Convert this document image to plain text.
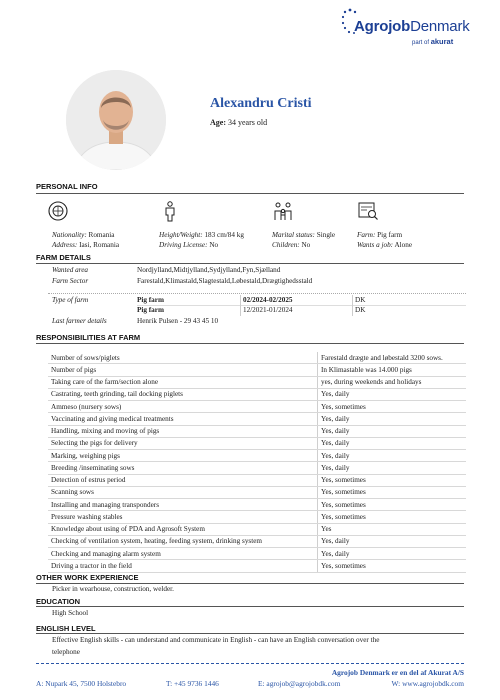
AgrojobDenmark
part of akurat
Alexandru Cristi
Age: 34 years old
PERSONAL INFO
Nationality: Romania
Address: Iasi, Romania
Height/Weight: 183 cm/84 kg
Driving License: No
Marital status: Single
Children: No
Farm: Pig farm
Wants a job: Alone
FARM DETAILS
Wanted area	Nordjylland,Midtjylland,Sydjylland,Fyn,Sjælland
Farm Sector	Farestald,Klimastald,Slagtestald,Løbestald,Drægtighedsstald
Type of farm	Pig farm	02/2024-02/2025	DK
Pig farm	12/2021-01/2024	DK
Last farmer details	Henrik Pulsen - 29 43 45 10
RESPONSIBILITIES AT FARM
Number of sows/piglets	Farestald drægte and løbestald 3200 sows.
Number of pigs	In Klimastable was 14.000 pigs
Taking care of the farm/section alone	yes, during weekends and holidays
Castrating, teeth grinding, tail docking piglets	Yes, daily
Ammeso (nursery sows)	Yes, sometimes
Vaccinating and giving medical treatments	Yes, daily
Handling, mixing and moving of pigs	Yes, daily
Selecting the pigs for delivery	Yes, daily
Marking, weighing pigs	Yes, daily
Breeding /inseminating sows	Yes, daily
Detection of estrus period	Yes, sometimes
Scanning sows	Yes, sometimes
Installing and managing transponders	Yes, sometimes
Pressure washing stables	Yes, sometimes
Knowledge about using of PDA and Agrosoft System	Yes
Checking of ventilation system, heating, feeding system, drinking system	Yes, daily
Checking and managing alarm system	Yes, daily
Driving a tractor in the field	Yes, sometimes
OTHER WORK EXPERIENCE
Picker in wearhouse, construction, welder.
EDUCATION
High School
ENGLISH LEVEL
Effective English skills - can understand and communicate in English - can have an English conversation over the
telephone
Agrojob Denmark er en del af Akurat A/S
A: Nupark 45, 7500 Holstebro	T: +45 9736 1446	E: agrojob@agrojobdk.com	W: www.agrojobdk.com
